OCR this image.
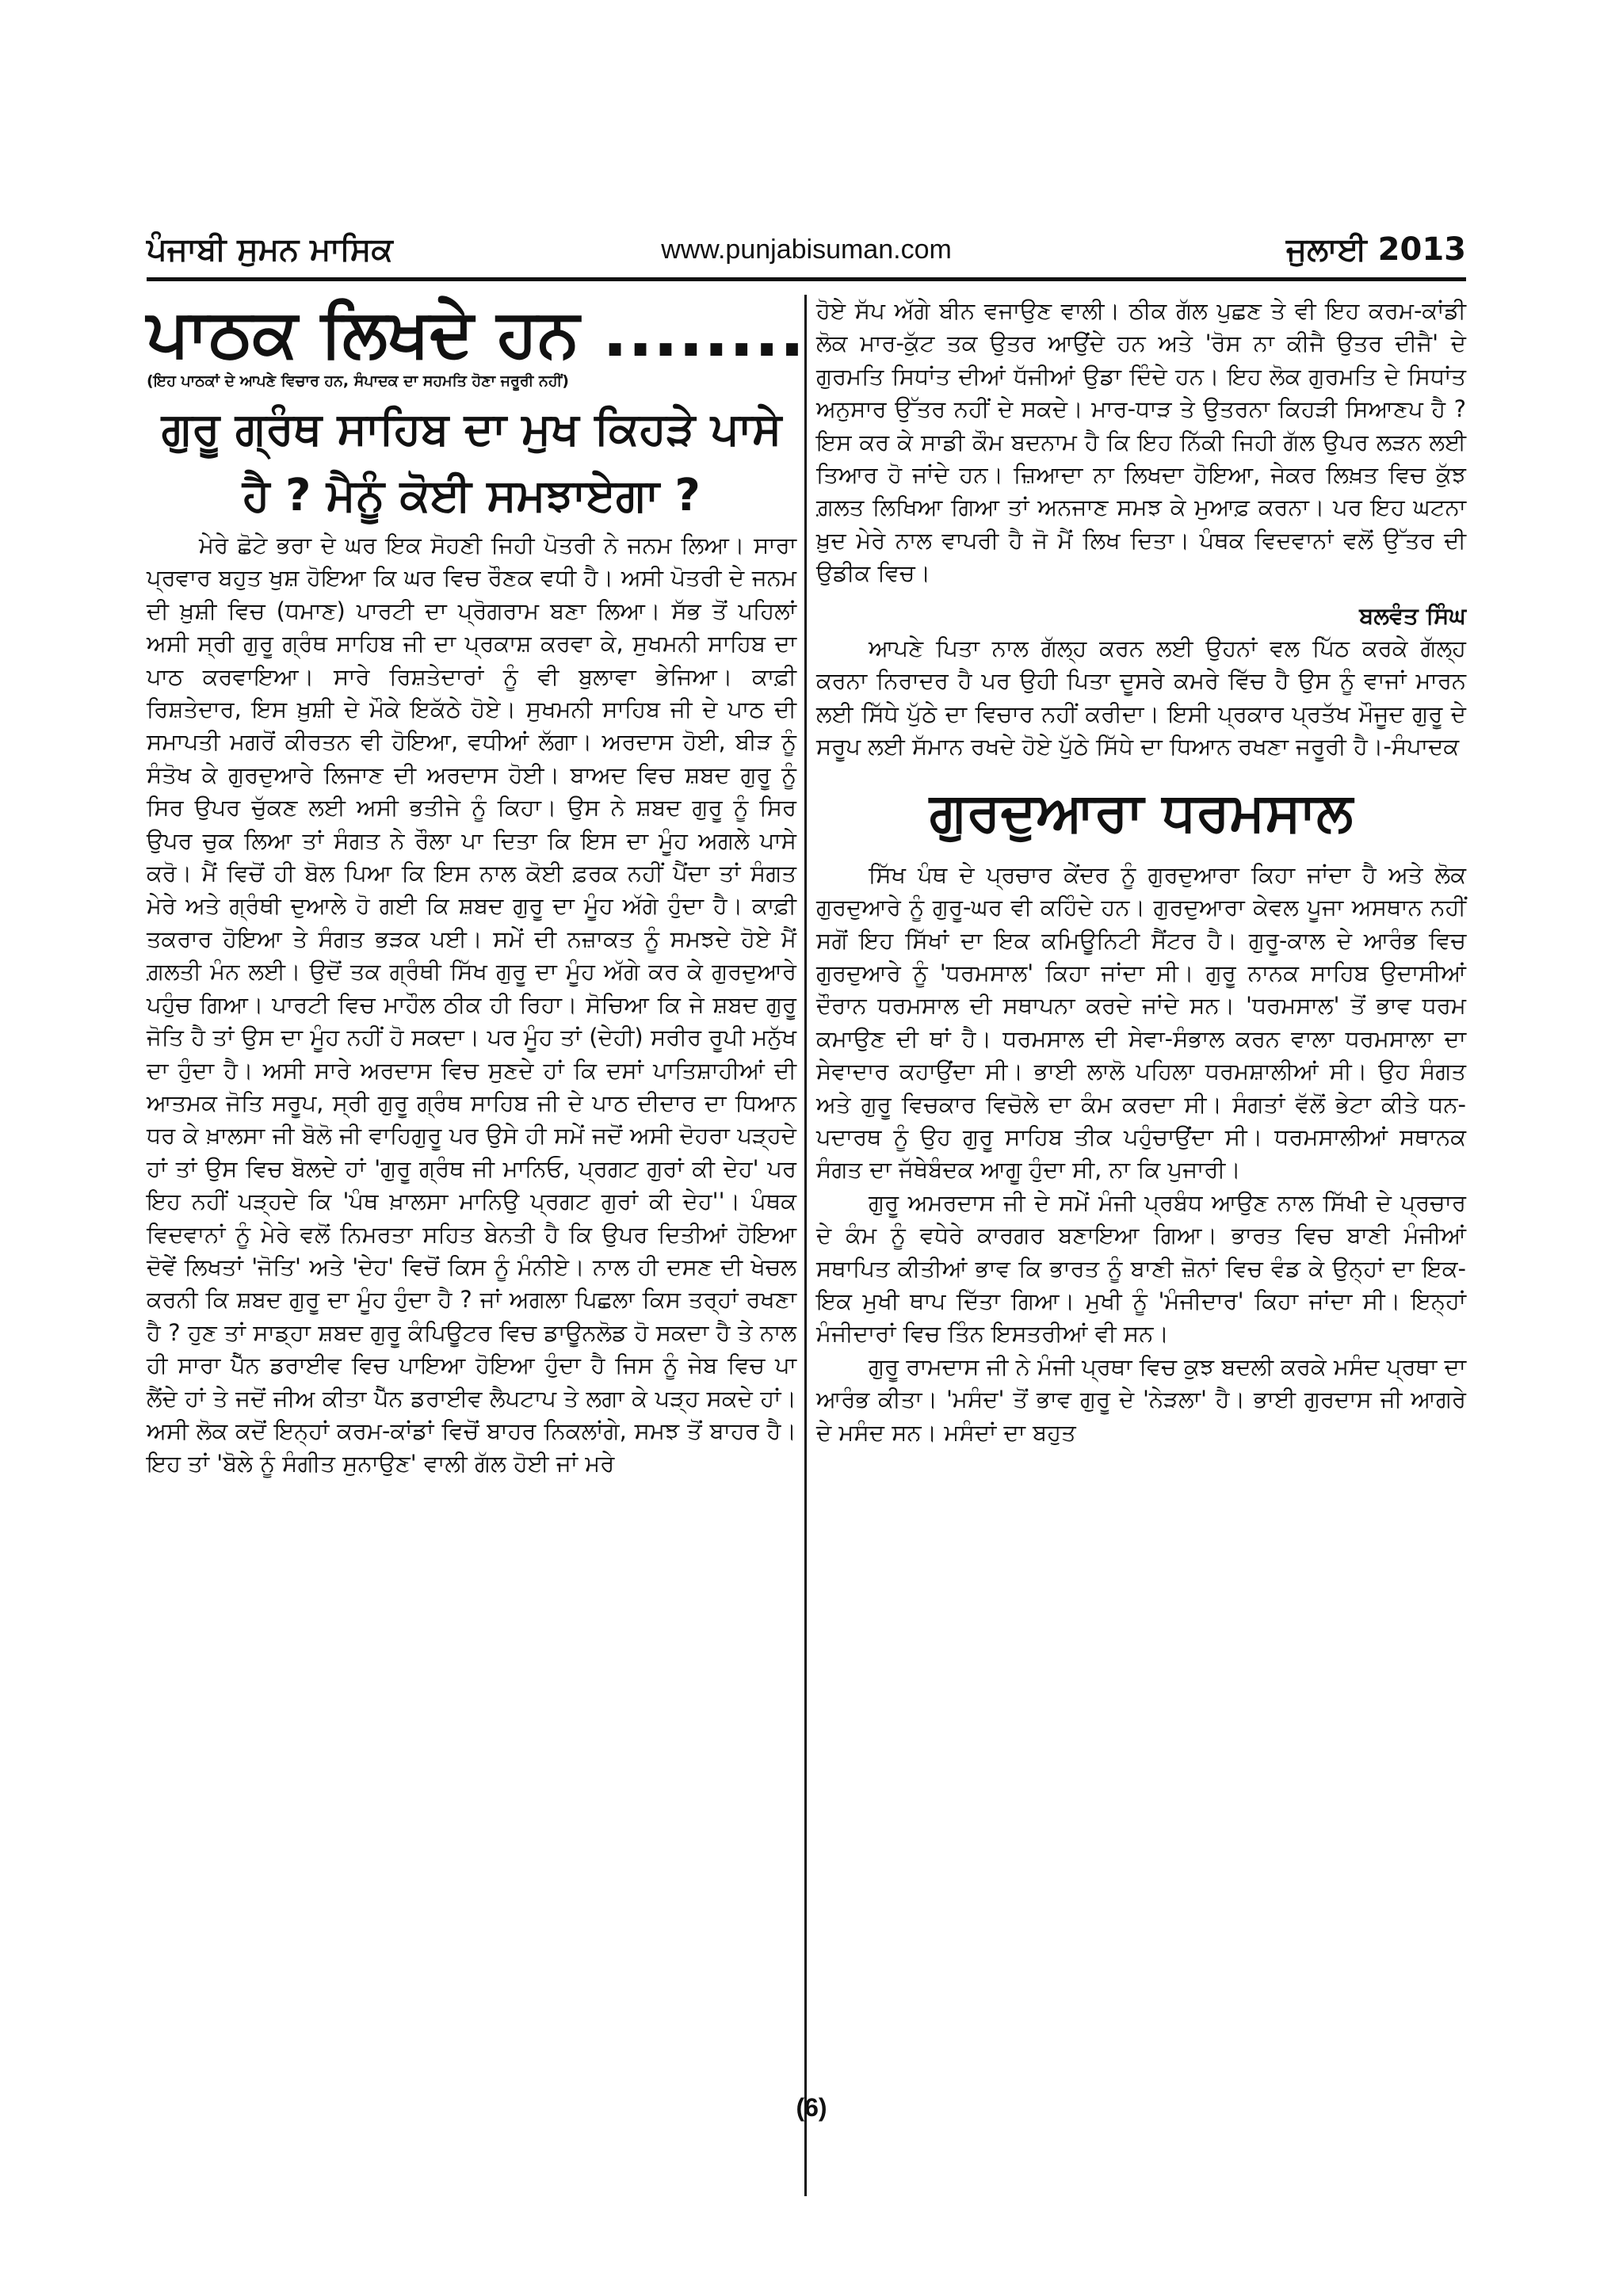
ਪੰਜਾਬੀ ਸੁਮਨ ਮਾਸਿਕ	www.punjabisuman.com	ਜੁਲਾਈ 2013
ਪਾਠਕ ਲਿਖਦੇ ਹਨ ........
(ਇਹ ਪਾਠਕਾਂ ਦੇ ਆਪਣੇ ਵਿਚਾਰ ਹਨ, ਸੰਪਾਦਕ ਦਾ ਸਹਮਤਿ ਹੋਣਾ ਜਰੂਰੀ ਨਹੀਂ)
ਗੁਰੂ ਗ੍ਰੰਥ ਸਾਹਿਬ ਦਾ ਮੁਖ ਕਿਹੜੇ ਪਾਸੇ
ਹੈ ? ਮੈਨੂੰ ਕੋਈ ਸਮਝਾਏਗਾ ?

ਮੇਰੇ ਛੋਟੇ ਭਰਾ ਦੇ ਘਰ ਇਕ ਸੋਹਣੀ ਜਿਹੀ ਪੋਤਰੀ ਨੇ ਜਨਮ ਲਿਆ। ਸਾਰਾ ਪ੍ਰਵਾਰ ਬਹੁਤ ਖੁਸ਼ ਹੋਇਆ ਕਿ ਘਰ ਵਿਚ ਰੌਣਕ ਵਧੀ ਹੈ। ਅਸੀ ਪੋਤਰੀ ਦੇ ਜਨਮ ਦੀ ਖ਼ੁਸ਼ੀ ਵਿਚ (ਧਮਾਣ) ਪਾਰਟੀ ਦਾ ਪ੍ਰੋਗਰਾਮ ਬਣਾ ਲਿਆ। ਸੱਭ ਤੋਂ ਪਹਿਲਾਂ ਅਸੀ ਸ੍ਰੀ ਗੁਰੂ ਗ੍ਰੰਥ ਸਾਹਿਬ ਜੀ ਦਾ ਪ੍ਰਕਾਸ਼ ਕਰਵਾ ਕੇ, ਸੁਖਮਨੀ ਸਾਹਿਬ ਦਾ ਪਾਠ ਕਰਵਾਇਆ। ਸਾਰੇ ਰਿਸ਼ਤੇਦਾਰਾਂ ਨੂੰ ਵੀ ਬੁਲਾਵਾ ਭੇਜਿਆ। ਕਾਫ਼ੀ ਰਿਸ਼ਤੇਦਾਰ, ਇਸ ਖ਼ੁਸ਼ੀ ਦੇ ਮੌਕੇ ਇਕੱਠੇ ਹੋਏ। ਸੁਖਮਨੀ ਸਾਹਿਬ ਜੀ ਦੇ ਪਾਠ ਦੀ ਸਮਾਪਤੀ ਮਗਰੋਂ ਕੀਰਤਨ ਵੀ ਹੋਇਆ, ਵਧੀਆਂ ਲੱਗਾ। ਅਰਦਾਸ ਹੋਈ, ਬੀੜ ਨੂੰ ਸੰਤੋਖ ਕੇ ਗੁਰਦੁਆਰੇ ਲਿਜਾਣ ਦੀ ਅਰਦਾਸ ਹੋਈ। ਬਾਅਦ ਵਿਚ ਸ਼ਬਦ ਗੁਰੂ ਨੂੰ ਸਿਰ ਉਪਰ ਚੁੱਕਣ ਲਈ ਅਸੀ ਭਤੀਜੇ ਨੂੰ ਕਿਹਾ। ਉਸ ਨੇ ਸ਼ਬਦ ਗੁਰੂ ਨੂੰ ਸਿਰ ਉਪਰ ਚੁਕ ਲਿਆ ਤਾਂ ਸੰਗਤ ਨੇ ਰੌਲਾ ਪਾ ਦਿਤਾ ਕਿ ਇਸ ਦਾ ਮੂੰਹ ਅਗਲੇ ਪਾਸੇ ਕਰੋ। ਮੈਂ ਵਿਚੋਂ ਹੀ ਬੋਲ ਪਿਆ ਕਿ ਇਸ ਨਾਲ ਕੋਈ ਫ਼ਰਕ ਨਹੀਂ ਪੈਂਦਾ ਤਾਂ ਸੰਗਤ ਮੇਰੇ ਅਤੇ ਗ੍ਰੰਥੀ ਦੁਆਲੇ ਹੋ ਗਈ ਕਿ ਸ਼ਬਦ ਗੁਰੂ ਦਾ ਮੂੰਹ ਅੱਗੇ ਹੁੰਦਾ ਹੈ। ਕਾਫ਼ੀ ਤਕਰਾਰ ਹੋਇਆ ਤੇ ਸੰਗਤ ਭੜਕ ਪਈ। ਸਮੇਂ ਦੀ ਨਜ਼ਾਕਤ ਨੂੰ ਸਮਝਦੇ ਹੋਏ ਮੈਂ ਗ਼ਲਤੀ ਮੰਨ ਲਈ। ਉਦੋਂ ਤਕ ਗ੍ਰੰਥੀ ਸਿੱਖ ਗੁਰੂ ਦਾ ਮੂੰਹ ਅੱਗੇ ਕਰ ਕੇ ਗੁਰਦੁਆਰੇ ਪਹੁੰਚ ਗਿਆ। ਪਾਰਟੀ ਵਿਚ ਮਾਹੌਲ ਠੀਕ ਹੀ ਰਿਹਾ। ਸੋਚਿਆ ਕਿ ਜੇ ਸ਼ਬਦ ਗੁਰੂ ਜੋਤਿ ਹੈ ਤਾਂ ਉਸ ਦਾ ਮੂੰਹ ਨਹੀਂ ਹੋ ਸਕਦਾ। ਪਰ ਮੂੰਹ ਤਾਂ (ਦੇਹੀ) ਸਰੀਰ ਰੂਪੀ ਮਨੁੱਖ ਦਾ ਹੁੰਦਾ ਹੈ। ਅਸੀ ਸਾਰੇ ਅਰਦਾਸ ਵਿਚ ਸੁਣਦੇ ਹਾਂ ਕਿ ਦਸਾਂ ਪਾਤਿਸ਼ਾਹੀਆਂ ਦੀ ਆਤਮਕ ਜੋਤਿ ਸਰੂਪ, ਸ੍ਰੀ ਗੁਰੂ ਗ੍ਰੰਥ ਸਾਹਿਬ ਜੀ ਦੇ ਪਾਠ ਦੀਦਾਰ ਦਾ ਧਿਆਨ ਧਰ ਕੇ ਖ਼ਾਲਸਾ ਜੀ ਬੋਲੋ ਜੀ ਵਾਹਿਗੁਰੂ ਪਰ ਉਸੇ ਹੀ ਸਮੇਂ ਜਦੋਂ ਅਸੀ ਦੋਹਰਾ ਪੜ੍ਹਦੇ ਹਾਂ ਤਾਂ ਉਸ ਵਿਚ ਬੋਲਦੇ ਹਾਂ 'ਗੁਰੂ ਗ੍ਰੰਥ ਜੀ ਮਾਨਿਓ, ਪ੍ਰਗਟ ਗੁਰਾਂ ਕੀ ਦੇਹ' ਪਰ ਇਹ ਨਹੀਂ ਪੜ੍ਹਦੇ ਕਿ 'ਪੰਥ ਖ਼ਾਲਸਾ ਮਾਨਿਉ ਪ੍ਰਗਟ ਗੁਰਾਂ ਕੀ ਦੇਹ''। ਪੰਥਕ ਵਿਦਵਾਨਾਂ ਨੂੰ ਮੇਰੇ ਵਲੋਂ ਨਿਮਰਤਾ ਸਹਿਤ ਬੇਨਤੀ ਹੈ ਕਿ ਉਪਰ ਦਿਤੀਆਂ ਹੋਇਆ ਦੋਵੇਂ ਲਿਖਤਾਂ 'ਜੋਤਿ' ਅਤੇ 'ਦੇਹ' ਵਿਚੋਂ ਕਿਸ ਨੂੰ ਮੰਨੀਏ। ਨਾਲ ਹੀ ਦਸਣ ਦੀ ਖੇਚਲ ਕਰਨੀ ਕਿ ਸ਼ਬਦ ਗੁਰੂ ਦਾ ਮੂੰਹ ਹੁੰਦਾ ਹੈ ? ਜਾਂ ਅਗਲਾ ਪਿਛਲਾ ਕਿਸ ਤਰ੍ਹਾਂ ਰਖਣਾ ਹੈ ? ਹੁਣ ਤਾਂ ਸਾਡ੍ਹਾ ਸ਼ਬਦ ਗੁਰੂ ਕੰਪਿਊਟਰ ਵਿਚ ਡਾਊਨਲੋਡ ਹੋ ਸਕਦਾ ਹੈ ਤੇ ਨਾਲ ਹੀ ਸਾਰਾ ਪੈੱਨ ਡਰਾਈਵ ਵਿਚ ਪਾਇਆ ਹੋਇਆ ਹੁੰਦਾ ਹੈ ਜਿਸ ਨੂੰ ਜੇਬ ਵਿਚ ਪਾ ਲੈਂਦੇ ਹਾਂ ਤੇ ਜਦੋਂ ਜੀਅ ਕੀਤਾ ਪੈੱਨ ਡਰਾਈਵ ਲੈਪਟਾਪ ਤੇ ਲਗਾ ਕੇ ਪੜ੍ਹ ਸਕਦੇ ਹਾਂ। ਅਸੀ ਲੋਕ ਕਦੋਂ ਇਨ੍ਹਾਂ ਕਰਮ-ਕਾਂਡਾਂ ਵਿਚੋਂ ਬਾਹਰ ਨਿਕਲਾਂਗੇ, ਸਮਝ ਤੋਂ ਬਾਹਰ ਹੈ। ਇਹ ਤਾਂ 'ਬੋਲੇ ਨੂੰ ਸੰਗੀਤ ਸੁਨਾਉਣ' ਵਾਲੀ ਗੱਲ ਹੋਈ ਜਾਂ ਮਰੇ

ਹੋਏ ਸੱਪ ਅੱਗੇ ਬੀਨ ਵਜਾਉਣ ਵਾਲੀ। ਠੀਕ ਗੱਲ ਪੁਛਣ ਤੇ ਵੀ ਇਹ ਕਰਮ-ਕਾਂਡੀ ਲੋਕ ਮਾਰ-ਕੁੱਟ ਤਕ ਉਤਰ ਆਉਂਦੇ ਹਨ ਅਤੇ 'ਰੋਸ ਨਾ ਕੀਜੈ ਉਤਰ ਦੀਜੈ' ਦੇ ਗੁਰਮਤਿ ਸਿਧਾਂਤ ਦੀਆਂ ਧੱਜੀਆਂ ਉਡਾ ਦਿੰਦੇ ਹਨ। ਇਹ ਲੋਕ ਗੁਰਮਤਿ ਦੇ ਸਿਧਾਂਤ ਅਨੁਸਾਰ ਉੱਤਰ ਨਹੀਂ ਦੇ ਸਕਦੇ। ਮਾਰ-ਧਾੜ ਤੇ ਉਤਰਨਾ ਕਿਹੜੀ ਸਿਆਣਪ ਹੈ ? ਇਸ ਕਰ ਕੇ ਸਾਡੀ ਕੌਮ ਬਦਨਾਮ ਹੈ ਕਿ ਇਹ ਨਿੱਕੀ ਜਿਹੀ ਗੱਲ ਉਪਰ ਲੜਨ ਲਈ ਤਿਆਰ ਹੋ ਜਾਂਦੇ ਹਨ। ਜ਼ਿਆਦਾ ਨਾ ਲਿਖਦਾ ਹੋਇਆ, ਜੇਕਰ ਲਿਖ਼ਤ ਵਿਚ ਕੁੱਝ ਗ਼ਲਤ ਲਿਖਿਆ ਗਿਆ ਤਾਂ ਅਨਜਾਣ ਸਮਝ ਕੇ ਮੁਆਫ਼ ਕਰਨਾ। ਪਰ ਇਹ ਘਟਨਾ ਖ਼ੁਦ ਮੇਰੇ ਨਾਲ ਵਾਪਰੀ ਹੈ ਜੋ ਮੈਂ ਲਿਖ ਦਿਤਾ। ਪੰਥਕ ਵਿਦਵਾਨਾਂ ਵਲੋਂ ਉੱਤਰ ਦੀ ਉਡੀਕ ਵਿਚ।

ਬਲਵੰਤ ਸਿੰਘ

ਆਪਣੇ ਪਿਤਾ ਨਾਲ ਗੱਲ੍ਹ ਕਰਨ ਲਈ ਉਹਨਾਂ ਵਲ ਪਿੱਠ ਕਰਕੇ ਗੱਲ੍ਹ ਕਰਨਾ ਨਿਰਾਦਰ ਹੈ ਪਰ ਉਹੀ ਪਿਤਾ ਦੂਸਰੇ ਕਮਰੇ ਵਿੱਚ ਹੈ ਉਸ ਨੂੰ ਵਾਜਾਂ ਮਾਰਨ ਲਈ ਸਿੱਧੇ ਪੁੱਠੇ ਦਾ ਵਿਚਾਰ ਨਹੀਂ ਕਰੀਦਾ। ਇਸੀ ਪ੍ਰਕਾਰ ਪ੍ਰਤੱਖ ਮੌਜੂਦ ਗੁਰੂ ਦੇ ਸਰੂਪ ਲਈ ਸੱਮਾਨ ਰਖਦੇ ਹੋਏ ਪੁੱਠੇ ਸਿੱਧੇ ਦਾ ਧਿਆਨ ਰਖਣਾ ਜਰੂਰੀ ਹੈ।-ਸੰਪਾਦਕ

ਗੁਰਦੁਆਰਾ ਧਰਮਸਾਲ

ਸਿੱਖ ਪੰਥ ਦੇ ਪ੍ਰਚਾਰ ਕੇਂਦਰ ਨੂੰ ਗੁਰਦੁਆਰਾ ਕਿਹਾ ਜਾਂਦਾ ਹੈ ਅਤੇ ਲੋਕ ਗੁਰਦੁਆਰੇ ਨੂੰ ਗੁਰੂ-ਘਰ ਵੀ ਕਹਿੰਦੇ ਹਨ। ਗੁਰਦੁਆਰਾ ਕੇਵਲ ਪੂਜਾ ਅਸਥਾਨ ਨਹੀਂ ਸਗੋਂ ਇਹ ਸਿੱਖਾਂ ਦਾ ਇਕ ਕਮਿਊਨਿਟੀ ਸੈਂਟਰ ਹੈ। ਗੁਰੂ-ਕਾਲ ਦੇ ਆਰੰਭ ਵਿਚ ਗੁਰਦੁਆਰੇ ਨੂੰ 'ਧਰਮਸਾਲ' ਕਿਹਾ ਜਾਂਦਾ ਸੀ। ਗੁਰੂ ਨਾਨਕ ਸਾਹਿਬ ਉਦਾਸੀਆਂ ਦੌਰਾਨ ਧਰਮਸਾਲ ਦੀ ਸਥਾਪਨਾ ਕਰਦੇ ਜਾਂਦੇ ਸਨ। 'ਧਰਮਸਾਲ' ਤੋਂ ਭਾਵ ਧਰਮ ਕਮਾਉਣ ਦੀ ਥਾਂ ਹੈ। ਧਰਮਸਾਲ ਦੀ ਸੇਵਾ-ਸੰਭਾਲ ਕਰਨ ਵਾਲਾ ਧਰਮਸਾਲਾ ਦਾ ਸੇਵਾਦਾਰ ਕਹਾਉਂਦਾ ਸੀ। ਭਾਈ ਲਾਲੋ ਪਹਿਲਾ ਧਰਮਸ਼ਾਲੀਆਂ ਸੀ। ਉਹ ਸੰਗਤ ਅਤੇ ਗੁਰੂ ਵਿਚਕਾਰ ਵਿਚੋਲੇ ਦਾ ਕੰਮ ਕਰਦਾ ਸੀ। ਸੰਗਤਾਂ ਵੱਲੋਂ ਭੇਟਾ ਕੀਤੇ ਧਨ-ਪਦਾਰਥ ਨੂੰ ਉਹ ਗੁਰੂ ਸਾਹਿਬ ਤੀਕ ਪਹੁੰਚਾਉਂਦਾ ਸੀ। ਧਰਮਸਾਲੀਆਂ ਸਥਾਨਕ ਸੰਗਤ ਦਾ ਜੱਥੇਬੰਦਕ ਆਗੂ ਹੁੰਦਾ ਸੀ, ਨਾ ਕਿ ਪੁਜਾਰੀ।

ਗੁਰੂ ਅਮਰਦਾਸ ਜੀ ਦੇ ਸਮੇਂ ਮੰਜੀ ਪ੍ਰਬੰਧ ਆਉਣ ਨਾਲ ਸਿੱਖੀ ਦੇ ਪ੍ਰਚਾਰ ਦੇ ਕੰਮ ਨੂੰ ਵਧੇਰੇ ਕਾਰਗਰ ਬਣਾਇਆ ਗਿਆ। ਭਾਰਤ ਵਿਚ ਬਾਣੀ ਮੰਜੀਆਂ ਸਥਾਪਿਤ ਕੀਤੀਆਂ ਭਾਵ ਕਿ ਭਾਰਤ ਨੂੰ ਬਾਣੀ ਜ਼ੋਨਾਂ ਵਿਚ ਵੰਡ ਕੇ ਉਨ੍ਹਾਂ ਦਾ ਇਕ-ਇਕ ਮੁਖੀ ਥਾਪ ਦਿੱਤਾ ਗਿਆ। ਮੁਖੀ ਨੂੰ 'ਮੰਜੀਦਾਰ' ਕਿਹਾ ਜਾਂਦਾ ਸੀ। ਇਨ੍ਹਾਂ ਮੰਜੀਦਾਰਾਂ ਵਿਚ ਤਿੰਨ ਇਸਤਰੀਆਂ ਵੀ ਸਨ।

ਗੁਰੂ ਰਾਮਦਾਸ ਜੀ ਨੇ ਮੰਜੀ ਪ੍ਰਥਾ ਵਿਚ ਕੁਝ ਬਦਲੀ ਕਰਕੇ ਮਸੰਦ ਪ੍ਰਥਾ ਦਾ ਆਰੰਭ ਕੀਤਾ। 'ਮਸੰਦ' ਤੋਂ ਭਾਵ ਗੁਰੂ ਦੇ 'ਨੇੜਲਾ' ਹੈ। ਭਾਈ ਗੁਰਦਾਸ ਜੀ ਆਗਰੇ ਦੇ ਮਸੰਦ ਸਨ। ਮਸੰਦਾਂ ਦਾ ਬਹੁਤ

(6)
